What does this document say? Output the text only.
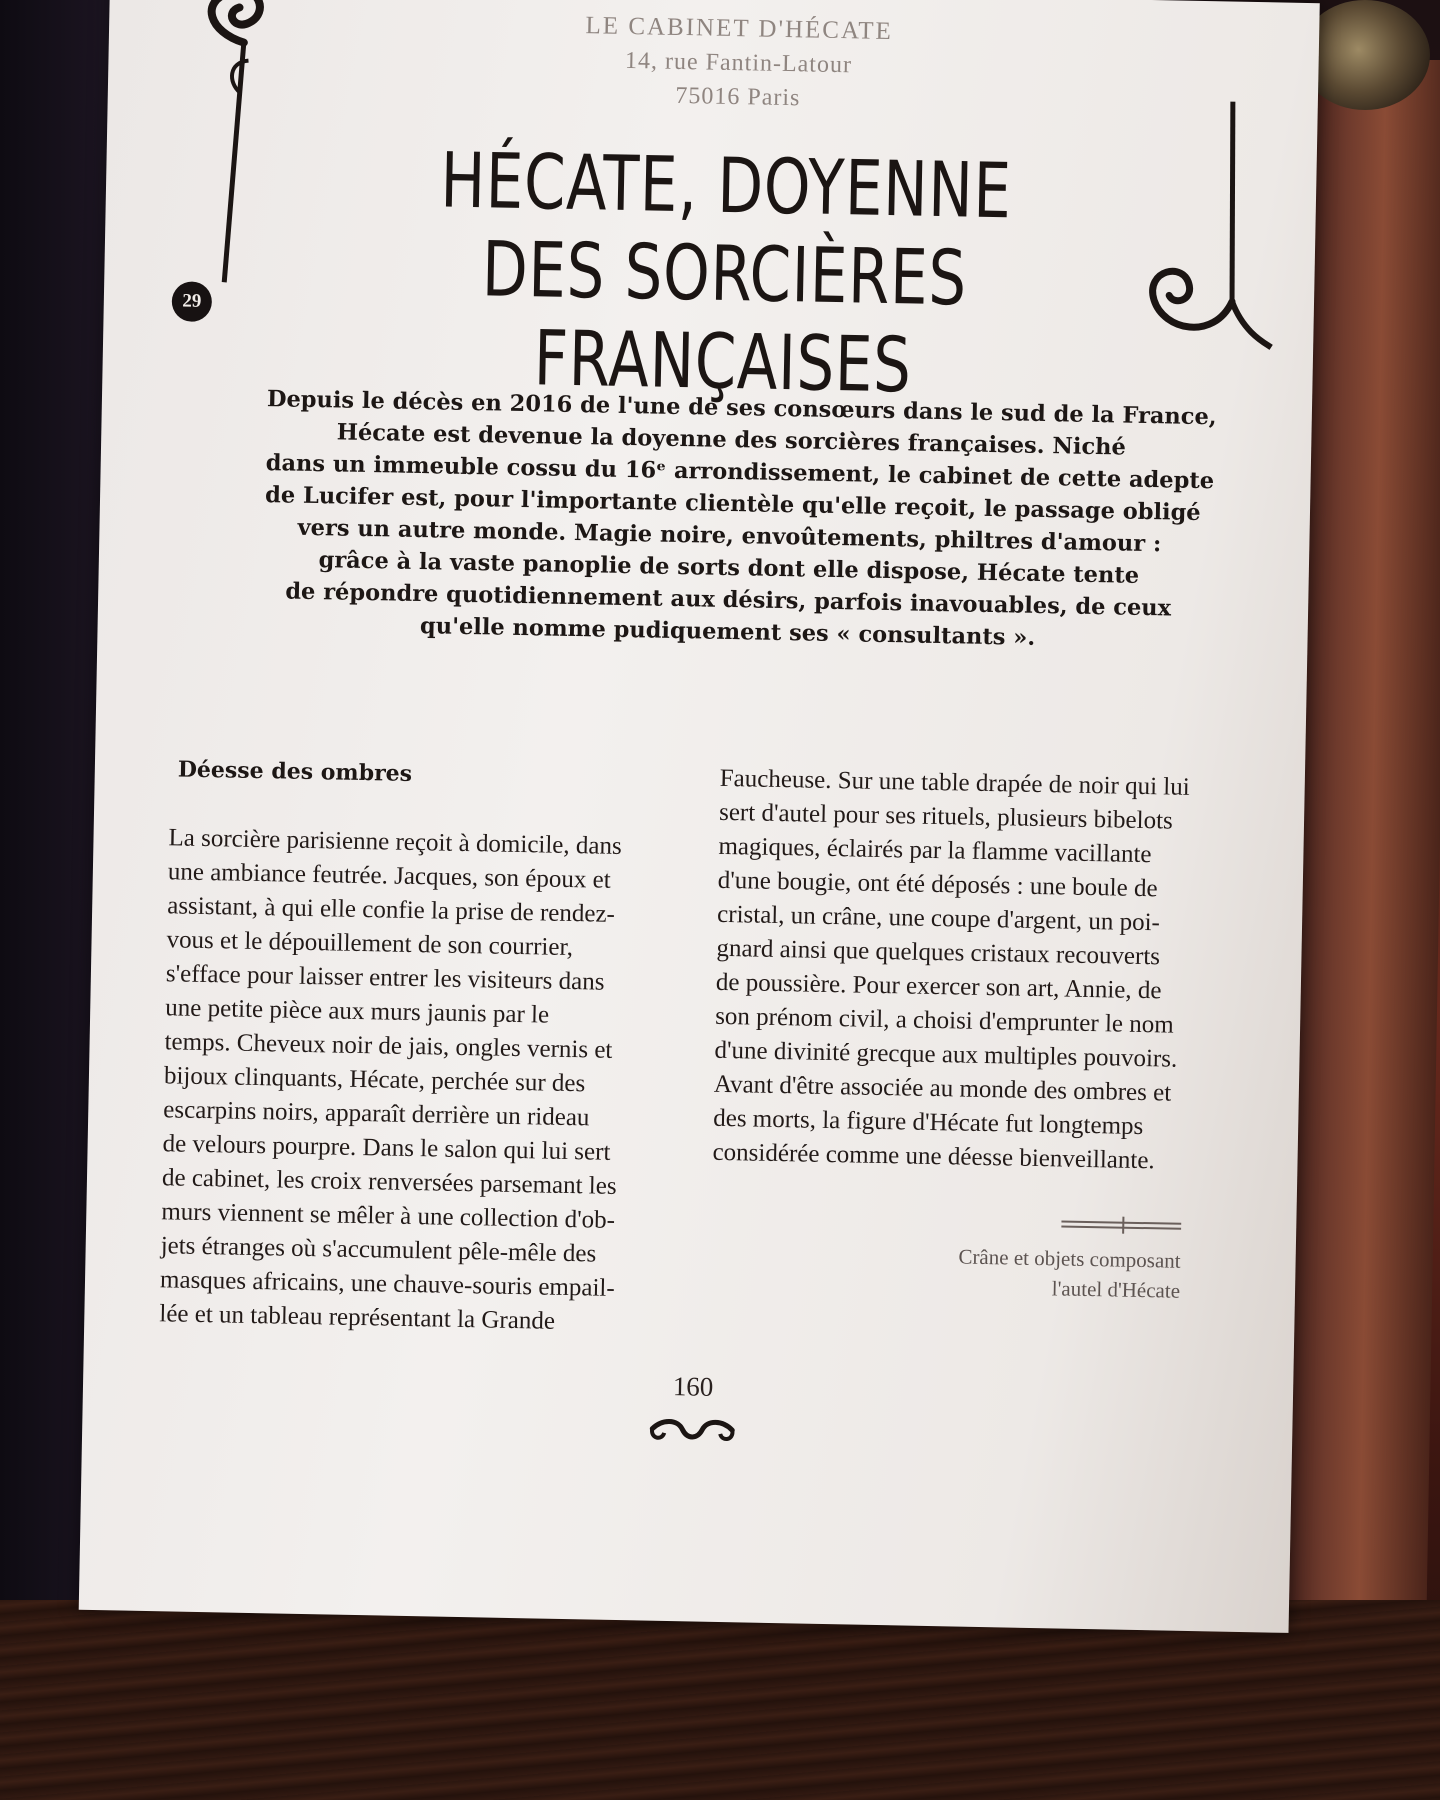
LE CABINET D'HÉCATE
14, rue Fantin-Latour
75016 Paris
29
HÉCATE, DOYENNE
DES SORCIÈRES FRANÇAISES
Depuis le décès en 2016 de l'une de ses consœurs dans le sud de la France,
Hécate est devenue la doyenne des sorcières françaises. Niché
dans un immeuble cossu du 16ᵉ arrondissement, le cabinet de cette adepte
de Lucifer est, pour l'importante clientèle qu'elle reçoit, le passage obligé
vers un autre monde. Magie noire, envoûtements, philtres d'amour :
grâce à la vaste panoplie de sorts dont elle dispose, Hécate tente
de répondre quotidiennement aux désirs, parfois inavouables, de ceux
qu'elle nomme pudiquement ses « consultants ».
Déesse des ombres
La sorcière parisienne reçoit à domicile, dans
une ambiance feutrée. Jacques, son époux et
assistant, à qui elle confie la prise de rendez-
vous et le dépouillement de son courrier,
s'efface pour laisser entrer les visiteurs dans
une petite pièce aux murs jaunis par le
temps. Cheveux noir de jais, ongles vernis et
bijoux clinquants, Hécate, perchée sur des
escarpins noirs, apparaît derrière un rideau
de velours pourpre. Dans le salon qui lui sert
de cabinet, les croix renversées parsemant les
murs viennent se mêler à une collection d'ob-
jets étranges où s'accumulent pêle-mêle des
masques africains, une chauve-souris empail-
lée et un tableau représentant la Grande
Faucheuse. Sur une table drapée de noir qui lui
sert d'autel pour ses rituels, plusieurs bibelots
magiques, éclairés par la flamme vacillante
d'une bougie, ont été déposés : une boule de
cristal, un crâne, une coupe d'argent, un poi-
gnard ainsi que quelques cristaux recouverts
de poussière. Pour exercer son art, Annie, de
son prénom civil, a choisi d'emprunter le nom
d'une divinité grecque aux multiples pouvoirs.
Avant d'être associée au monde des ombres et
des morts, la figure d'Hécate fut longtemps
considérée comme une déesse bienveillante.
Crâne et objets composant
l'autel d'Hécate
160
